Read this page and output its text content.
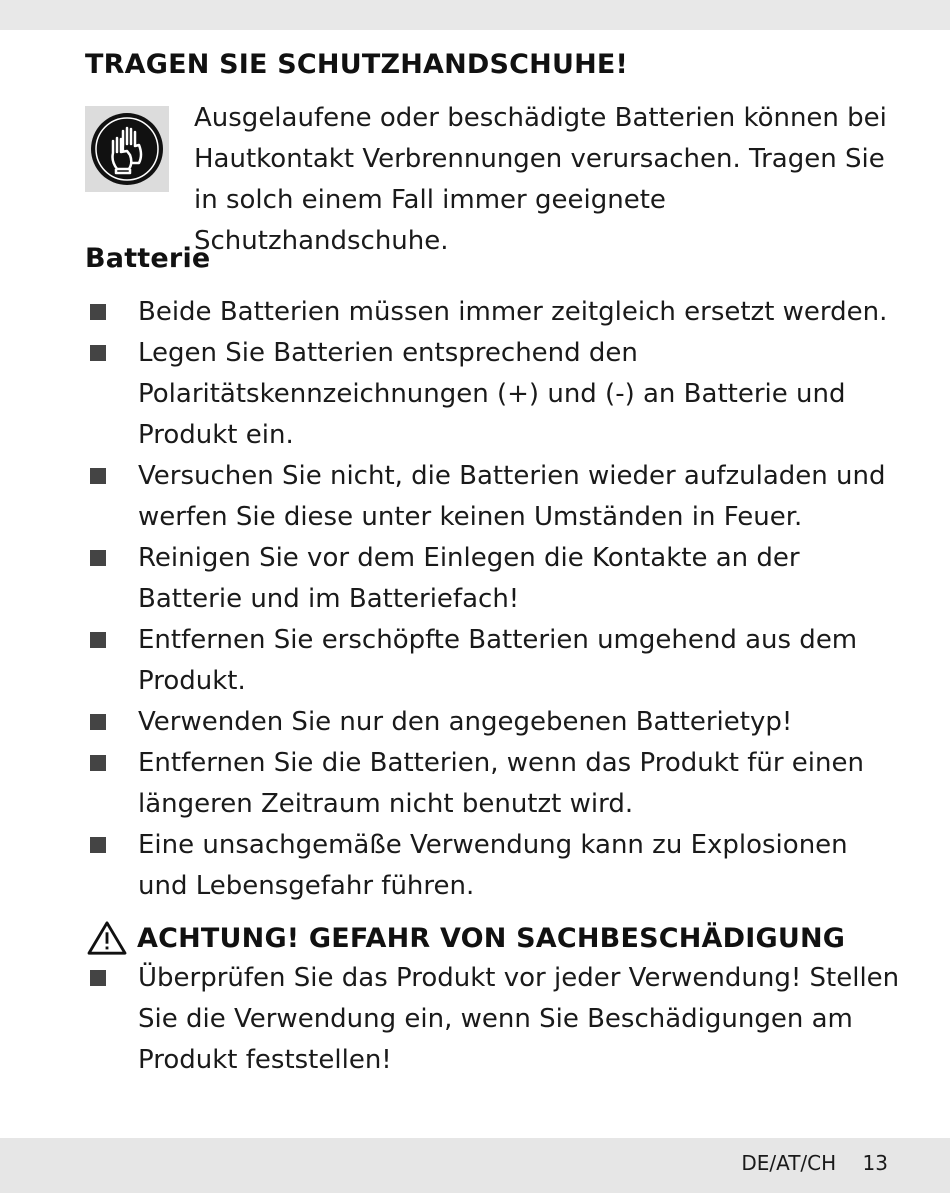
TRAGEN SIE SCHUTZHANDSCHUHE!

Ausgelaufene oder beschädigte Batterien können bei Hautkontakt Verbrennungen verursachen. Tragen Sie in solch einem Fall immer geeignete Schutzhandschuhe.

Batterie
Beide Batterien müssen immer zeitgleich ersetzt werden.
Legen Sie Batterien entsprechend den Polaritätskennzeichnungen (+) und (-) an Batterie und Produkt ein.
Versuchen Sie nicht, die Batterien wieder aufzuladen und werfen Sie diese unter keinen Umständen in Feuer.
Reinigen Sie vor dem Einlegen die Kontakte an der Batterie und im Batteriefach!
Entfernen Sie erschöpfte Batterien umgehend aus dem Produkt.
Verwenden Sie nur den angegebenen Batterietyp!
Entfernen Sie die Batterien, wenn das Produkt für einen längeren Zeitraum nicht benutzt wird.
Eine unsachgemäße Verwendung kann zu Explosionen und Lebensgefahr führen.
ACHTUNG! GEFAHR VON SACHBESCHÄDIGUNG
Überprüfen Sie das Produkt vor jeder Verwendung! Stellen Sie die Verwendung ein, wenn Sie Beschädigungen am Produkt feststellen!
DE/AT/CH 13
